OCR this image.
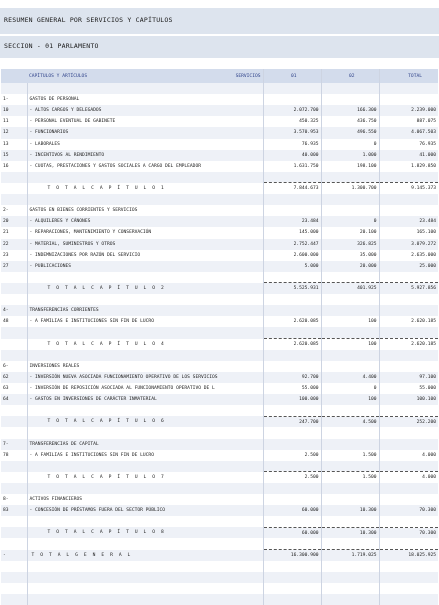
RESUMEN GENERAL POR SERVICIOS Y CAPÍTULOS
SECCION - 01 PARLAMENTO

	CAPÍTULOS Y ARTÍCULOS SERVICIOS	01	02	TOTAL

1-	GASTOS DE PERSONAL			
10	- ALTOS CARGOS Y DELEGADOS	2.072.700	166.300	2.239.000
11	- PERSONAL EVENTUAL DE GABINETE	450.325	436.750	887.075
12	- FUNCIONARIOS	3.570.953	496.550	4.067.503
13	- LABORALES	76.935	0	76.935
15	- INCENTIVOS AL RENDIMIENTO	40.000	1.000	41.000
16	- CUOTAS, PRESTACIONES Y GASTOS SOCIALES A CARGO DEL EMPLEADOR	1.631.750	198.100	1.829.850

	T O T A L C A P Í T U L O 1	7.844.673	1.300.700	9.145.373

2-	GASTOS EN BIENES CORRIENTES Y SERVICIOS			
20	- ALQUILERES Y CÁNONES	23.484	0	23.484
21	- REPARACIONES, MANTENIMIENTO Y CONSERVACIÓN	145.000	20.100	165.100
22	- MATERIAL, SUMINISTROS Y OTROS	2.752.447	326.825	3.079.272
23	- INDEMNIZACIONES POR RAZÓN DEL SERVICIO	2.600.000	35.000	2.635.000
27	- PUBLICACIONES	5.000	20.000	25.000

	T O T A L C A P Í T U L O 2	5.525.931	401.925	5.927.856

4-	TRANSFERENCIAS CORRIENTES			
48	- A FAMILIAS E INSTITUCIONES SIN FIN DE LUCRO	2.620.085	100	2.620.185

	T O T A L C A P Í T U L O 4	2.620.085	100	2.620.185

6-	INVERSIONES REALES			
62	- INVERSIÓN NUEVA ASOCIADA FUNCIONAMIENTO OPERATIVO DE LOS SERVICIOS	92.700	4.400	97.100
63	- INVERSIÓN DE REPOSICIÓN ASOCIADA AL FUNCIONAMIENTO OPERATIVO DE L	55.000	0	55.000
64	- GASTOS EN INVERSIONES DE CARÁCTER INMATERIAL	100.000	100	100.100

	T O T A L C A P Í T U L O 6	247.700	4.500	252.200

7-	TRANSFERENCIAS DE CAPITAL			
78	- A FAMILIAS E INSTITUCIONES SIN FIN DE LUCRO	2.500	1.500	4.000

	T O T A L C A P Í T U L O 7	2.500	1.500	4.000

8-	ACTIVOS FINANCIEROS			
83	- CONCESIÓN DE PRÉSTAMOS FUERA DEL SECTOR PÚBLICO	60.000	10.300	70.300

	T O T A L C A P Í T U L O 8	60.000	10.300	70.300

-	T O T A L G E N E R A L	16.300.900	1.719.025	18.025.925
